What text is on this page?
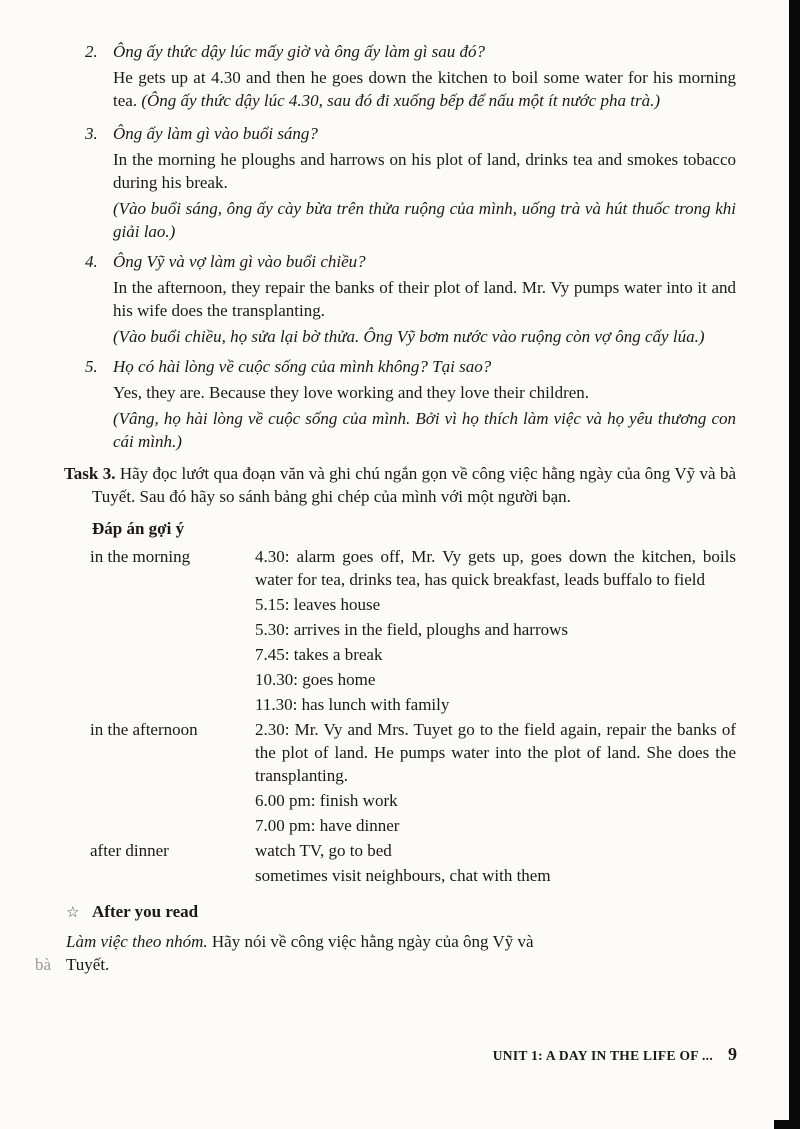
2. Ông ấy thức dậy lúc mấy giờ và ông ấy làm gì sau đó?

He gets up at 4.30 and then he goes down the kitchen to boil some water for his morning tea. (Ông ấy thức dậy lúc 4.30, sau đó đi xuống bếp để nấu một ít nước pha trà.)

3. Ông ấy làm gì vào buổi sáng?

In the morning he ploughs and harrows on his plot of land, drinks tea and smokes tobacco during his break.

(Vào buổi sáng, ông ấy cày bừa trên thửa ruộng của mình, uống trà và hút thuốc trong khi giải lao.)

4. Ông Vỹ và vợ làm gì vào buổi chiều?

In the afternoon, they repair the banks of their plot of land. Mr. Vy pumps water into it and his wife does the transplanting.

(Vào buổi chiều, họ sửa lại bờ thửa. Ông Vỹ bơm nước vào ruộng còn vợ ông cấy lúa.)

5. Họ có hài lòng về cuộc sống của mình không? Tại sao?

Yes, they are. Because they love working and they love their children.

(Vâng, họ hài lòng về cuộc sống của mình. Bởi vì họ thích làm việc và họ yêu thương con cái mình.)

Task 3. Hãy đọc lướt qua đoạn văn và ghi chú ngắn gọn về công việc hằng ngày của ông Vỹ và bà Tuyết. Sau đó hãy so sánh bảng ghi chép của mình với một người bạn.

Đáp án gợi ý

in the morning	4.30: alarm goes off, Mr. Vy gets up, goes down the kitchen, boils water for tea, drinks tea, has quick breakfast, leads buffalo to field

5.15: leaves house

5.30: arrives in the field, ploughs and harrows

7.45: takes a break

10.30: goes home

11.30: has lunch with family

in the afternoon	2.30: Mr. Vy and Mrs. Tuyet go to the field again, repair the banks of the plot of land. He pumps water into the plot of land. She does the transplanting.

6.00 pm: finish work

7.00 pm: have dinner

after dinner	watch TV, go to bed

sometimes visit neighbours, chat with them

☆ After you read

Làm việc theo nhóm. Hãy nói về công việc hằng ngày của ông Vỹ và

bà Tuyết.

UNIT 1: A DAY IN THE LIFE OF ... 9
